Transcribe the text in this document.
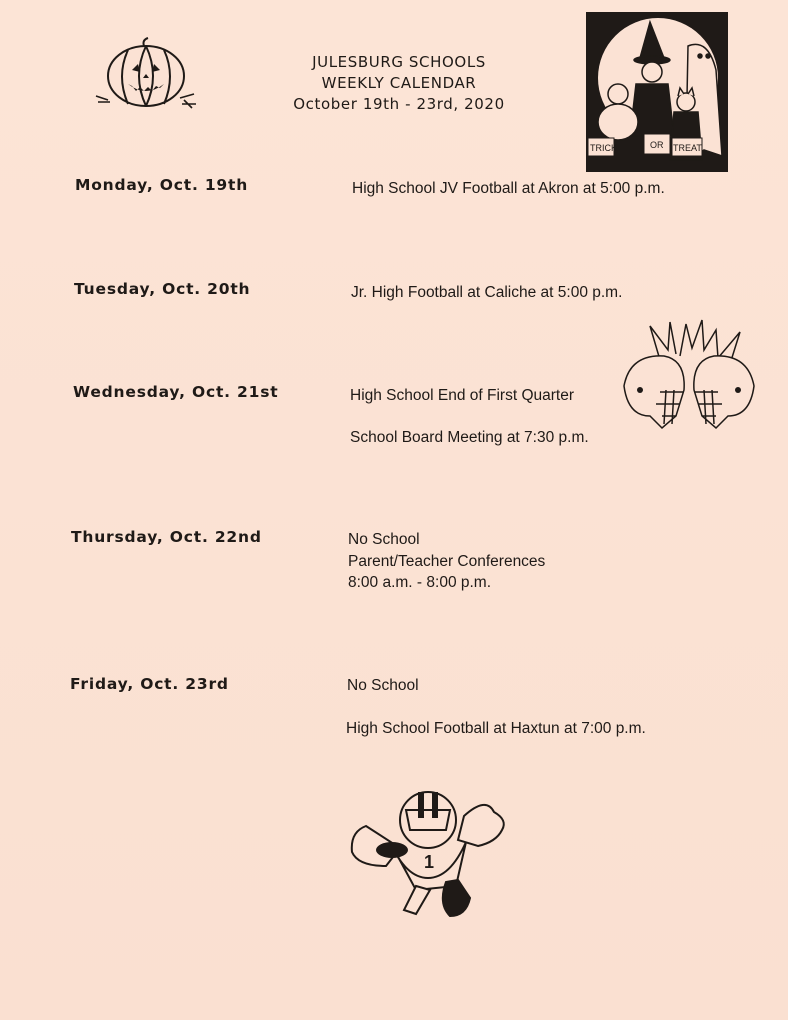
JULESBURG SCHOOLS
WEEKLY CALENDAR
October 19th - 23rd, 2020
TRICK	OR TREAT
Monday, Oct. 19th
Tuesday, Oct. 20th
Wednesday, Oct. 21st
Thursday, Oct. 22nd
Friday, Oct. 23rd
High School JV Football at Akron at 5:00 p.m.
Jr. High Football at Caliche at 5:00 p.m.
High School End of First Quarter
School Board Meeting at 7:30 p.m.
No School
Parent/Teacher Conferences
8:00 a.m. - 8:00 p.m.
No School
High School Football at Haxtun at 7:00 p.m.
1
